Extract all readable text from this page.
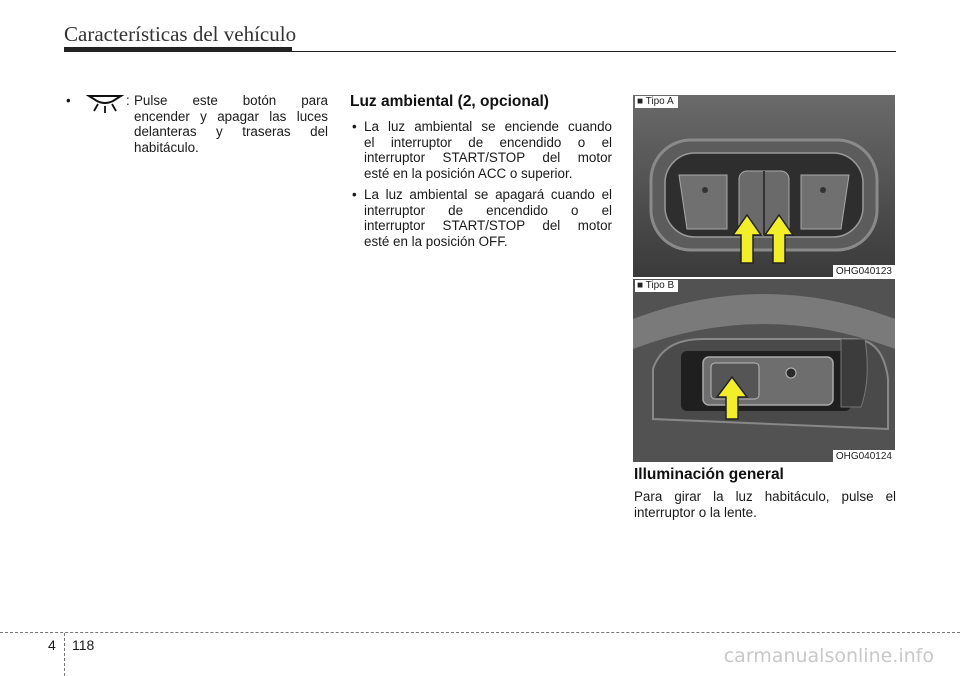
Características del vehículo
•	: Pulse este botón para
encender y apagar las luces
delanteras y traseras del
habitáculo.
Luz ambiental (2, opcional)
• La luz ambiental se enciende cuando
el interruptor de encendido o el
interruptor START/STOP del motor
esté en la posición ACC o superior.
• La luz ambiental se apagará cuando el
interruptor de encendido o el
interruptor START/STOP del motor
esté en la posición OFF.
■ Tipo A
OHG040123
■ Tipo B
OHG040124
Illuminación general
Para girar la luz habitáculo, pulse el
interruptor o la lente.
4 118	carmanualsonline.info
